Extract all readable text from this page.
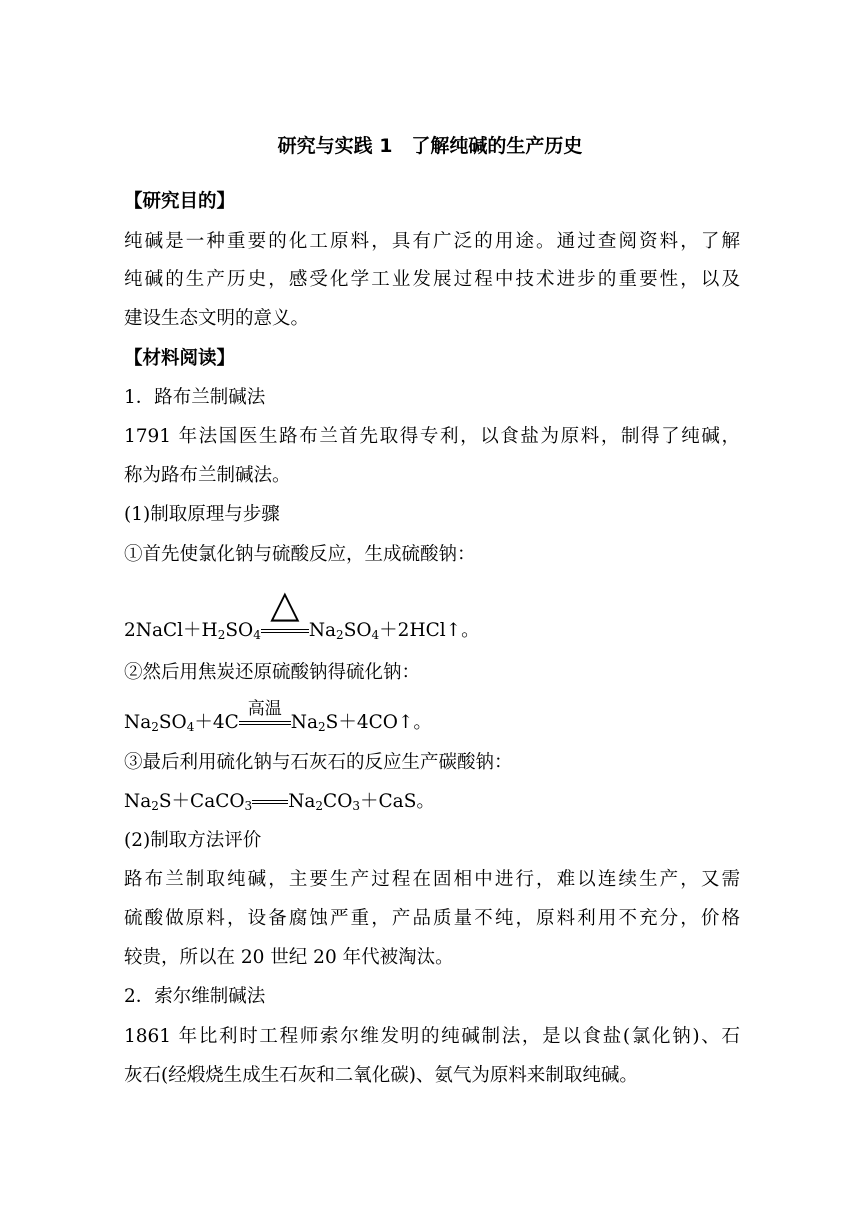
研究与实践 1　了解纯碱的生产历史
【研究目的】
纯碱是一种重要的化工原料，具有广泛的用途。通过查阅资料，了解
纯碱的生产历史，感受化学工业发展过程中技术进步的重要性，以及
建设生态文明的意义。
【材料阅读】
1．路布兰制碱法
1791 年法国医生路布兰首先取得专利，以食盐为原料，制得了纯碱，
称为路布兰制碱法。
(1)制取原理与步骤
①首先使氯化钠与硫酸反应，生成硫酸钠：
$2NaCl+H_2SO_4$
△
$Na_2SO_4+2HCl↑$。
②然后用焦炭还原硫酸钠得硫化钠：
$Na_2SO_4+4C$
高温
$Na_2S+4CO↑$。
③最后利用硫化钠与石灰石的反应生产碳酸钠：
$Na_2S+CaCO_3$ $Na_2CO_3+CaS$。
(2)制取方法评价
路布兰制取纯碱，主要生产过程在固相中进行，难以连续生产，又需
硫酸做原料，设备腐蚀严重，产品质量不纯，原料利用不充分，价格
较贵，所以在 20 世纪 20 年代被淘汰。
2．索尔维制碱法
1861 年比利时工程师索尔维发明的纯碱制法，是以食盐(氯化钠)、石
灰石(经煅烧生成生石灰和二氧化碳)、氨气为原料来制取纯碱。
